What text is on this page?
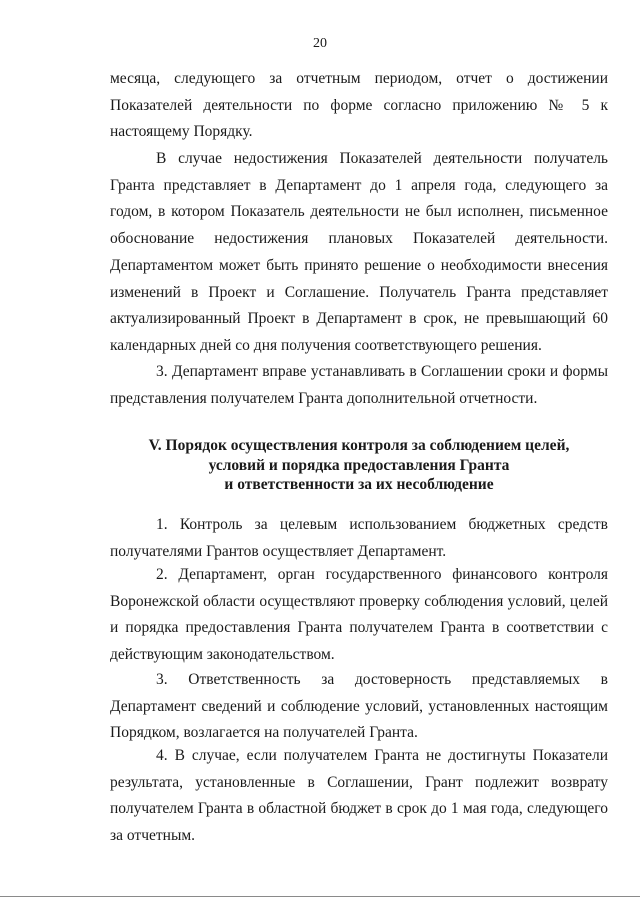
20

месяца, следующего за отчетным периодом, отчет о достижении Показателей деятельности по форме согласно приложению № 5 к настоящему Порядку.

В случае недостижения Показателей деятельности получатель Гранта представляет в Департамент до 1 апреля года, следующего за годом, в котором Показатель деятельности не был исполнен, письменное обоснование недостижения плановых Показателей деятельности. Департаментом может быть принято решение о необходимости внесения изменений в Проект и Соглашение. Получатель Гранта представляет актуализированный Проект в Департамент в срок, не превышающий 60 календарных дней со дня получения соответствующего решения.

3. Департамент вправе устанавливать в Соглашении сроки и формы представления получателем Гранта дополнительной отчетности.

V. Порядок осуществления контроля за соблюдением целей,
условий и порядка предоставления Гранта
и ответственности за их несоблюдение

1. Контроль за целевым использованием бюджетных средств получателями Грантов осуществляет Департамент.

2. Департамент, орган государственного финансового контроля Воронежской области осуществляют проверку соблюдения условий, целей и порядка предоставления Гранта получателем Гранта в соответствии с действующим законодательством.

3. Ответственность за достоверность представляемых в Департамент сведений и соблюдение условий, установленных настоящим Порядком, возлагается на получателей Гранта.

4. В случае, если получателем Гранта не достигнуты Показатели результата, установленные в Соглашении, Грант подлежит возврату получателем Гранта в областной бюджет в срок до 1 мая года, следующего за отчетным.
